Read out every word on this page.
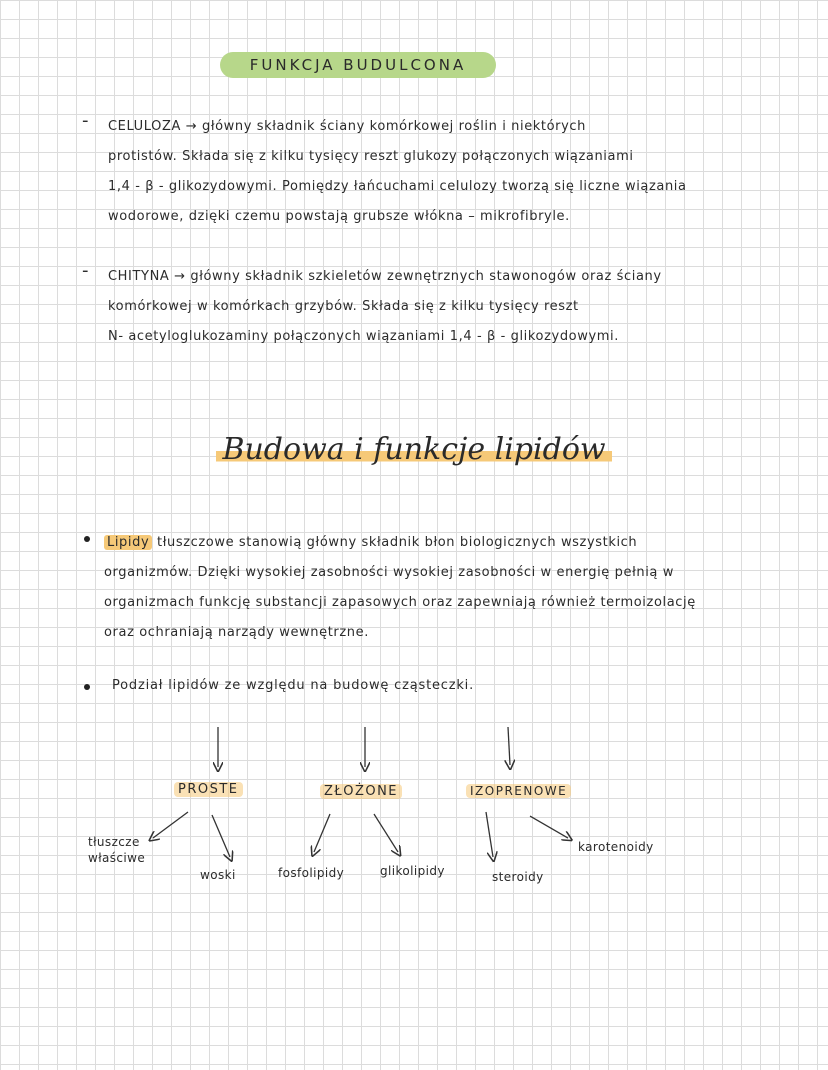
FUNKCJA BUDULCONA
- CELULOZA → główny składnik ściany komórkowej roślin i niektórych
protistów. Składa się z kilku tysięcy reszt glukozy połączonych wiązaniami
1,4 - β - glikozydowymi. Pomiędzy łańcuchami celulozy tworzą się liczne wiązania
wodorowe, dzięki czemu powstają grubsze włókna – mikrofibryle.
- CHITYNA → główny składnik szkieletów zewnętrznych stawonogów oraz ściany
komórkowej w komórkach grzybów. Składa się z kilku tysięcy reszt
N- acetyloglukozaminy połączonych wiązaniami 1,4 - β - glikozydowymi.
Budowa i funkcje lipidów
Lipidy tłuszczowe stanowią główny składnik błon biologicznych wszystkich
organizmów. Dzięki wysokiej zasobności wysokiej zasobności w energię pełnią w
organizmach funkcję substancji zapasowych oraz zapewniają również termoizolację
oraz ochraniają narządy wewnętrzne.
Podział lipidów ze względu na budowę cząsteczki.
PROSTE	ZŁOŻONE	IZOPRENOWE
tłuszcze
właściwe
woski	fosfolipidy	glikolipidy	steroidy
karotenoidy
